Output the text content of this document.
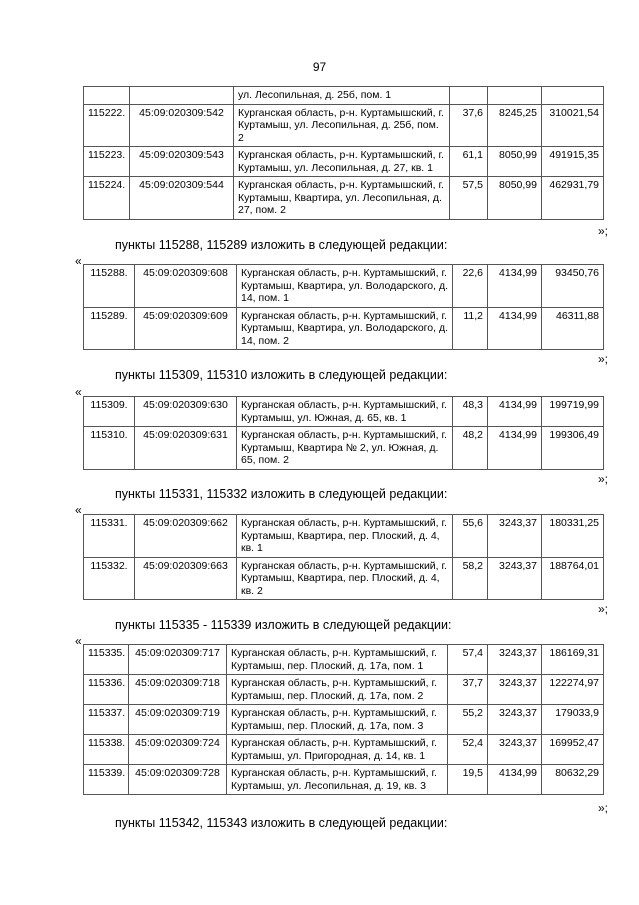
97
		ул. Лесопильная, д. 25б, пом. 1			
115222.	45:09:020309:542	Курганская область, р-н. Куртамышский, г. Куртамыш, ул. Лесопильная, д. 25б, пом. 2	37,6	8245,25	310021,54
115223.	45:09:020309:543	Курганская область, р-н. Куртамышский, г. Куртамыш, ул. Лесопильная, д. 27, кв. 1	61,1	8050,99	491915,35
115224.	45:09:020309:544	Курганская область, р-н. Куртамышский, г. Куртамыш, Квартира, ул. Лесопильная, д. 27, пом. 2	57,5	8050,99	462931,79
»;
пункты 115288, 115289 изложить в следующей редакции:
«
115288.	45:09:020309:608	Курганская область, р-н. Куртамышский, г. Куртамыш, Квартира, ул. Володарского, д. 14, пом. 1	22,6	4134,99	93450,76
115289.	45:09:020309:609	Курганская область, р-н. Куртамышский, г. Куртамыш, Квартира, ул. Володарского, д. 14, пом. 2	11,2	4134,99	46311,88
»;
пункты 115309, 115310 изложить в следующей редакции:
«
115309.	45:09:020309:630	Курганская область, р-н. Куртамышский, г. Куртамыш, ул. Южная, д. 65, кв. 1	48,3	4134,99	199719,99
115310.	45:09:020309:631	Курганская область, р-н. Куртамышский, г. Куртамыш, Квартира № 2, ул. Южная, д. 65, пом. 2	48,2	4134,99	199306,49
»;
пункты 115331, 115332 изложить в следующей редакции:
«
115331.	45:09:020309:662	Курганская область, р-н. Куртамышский, г. Куртамыш, Квартира, пер. Плоский, д. 4, кв. 1	55,6	3243,37	180331,25
115332.	45:09:020309:663	Курганская область, р-н. Куртамышский, г. Куртамыш, Квартира, пер. Плоский, д. 4, кв. 2	58,2	3243,37	188764,01
»;
пункты 115335 - 115339 изложить в следующей редакции:
«
115335.	45:09:020309:717	Курганская область, р-н. Куртамышский, г. Куртамыш, пер. Плоский, д. 17а, пом. 1	57,4	3243,37	186169,31
115336.	45:09:020309:718	Курганская область, р-н. Куртамышский, г. Куртамыш, пер. Плоский, д. 17а, пом. 2	37,7	3243,37	122274,97
115337.	45:09:020309:719	Курганская область, р-н. Куртамышский, г. Куртамыш, пер. Плоский, д. 17а, пом. 3	55,2	3243,37	179033,9
115338.	45:09:020309:724	Курганская область, р-н. Куртамышский, г. Куртамыш, ул. Пригородная, д. 14, кв. 1	52,4	3243,37	169952,47
115339.	45:09:020309:728	Курганская область, р-н. Куртамышский, г. Куртамыш, ул. Лесопильная, д. 19, кв. 3	19,5	4134,99	80632,29
»;
пункты 115342, 115343 изложить в следующей редакции:
